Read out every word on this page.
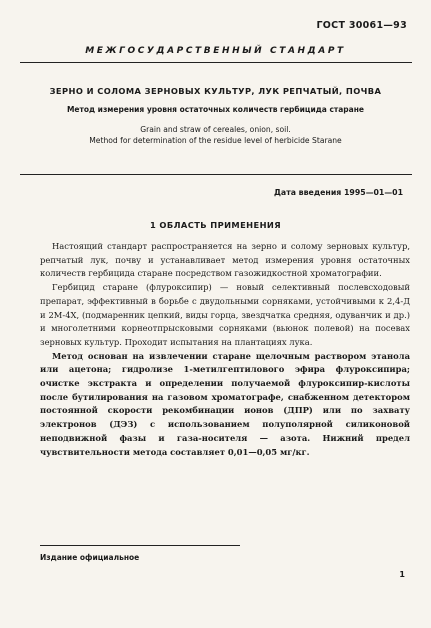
ГОСТ 30061—93
МЕЖГОСУДАРСТВЕННЫЙ СТАНДАРТ
ЗЕРНО И СОЛОМА ЗЕРНОВЫХ КУЛЬТУР, ЛУК РЕПЧАТЫЙ, ПОЧВА
Метод измерения уровня остаточных количеств гербицида старане
Grain and straw of cereales, onion, soil.
Method for determination of the residue level of herbicide Starane
Дата введения 1995—01—01
1 ОБЛАСТЬ ПРИМЕНЕНИЯ

Настоящий стандарт распространяется на зерно и солому зерновых культур, репчатый лук, почву и устанавливает метод измерения уровня остаточных количеств гербицида старане посредством газожидкостной хроматографии.

Гербицид старане (флуроксипир) — новый селективный послевсходовый препарат, эффективный в борьбе с двудольными сорняками, устойчивыми к 2,4-Д и 2М-4Х, (подмаренник цепкий, виды горца, звездчатка средняя, одуванчик и др.) и многолетними корнеотпрысковыми сорняками (вьюнок полевой) на посевах зерновых культур. Проходит испытания на плантациях лука.

Метод основан на извлечении старане щелочным раствором этанола или ацетона; гидролизе 1-метилгептилового эфира флуроксипира; очистке экстракта и определении получаемой флуроксипир-кислоты после бутилирования на газовом хроматографе, снабженном детектором постоянной скорости рекомбинации ионов (ДПР) или по захвату электронов (ДЭЗ) с использованием полуполярной силиконовой неподвижной фазы и газа-носителя — азота. Нижний предел чувствительности метода составляет 0,01—0,05 мг/кг.

Издание официальное
1
